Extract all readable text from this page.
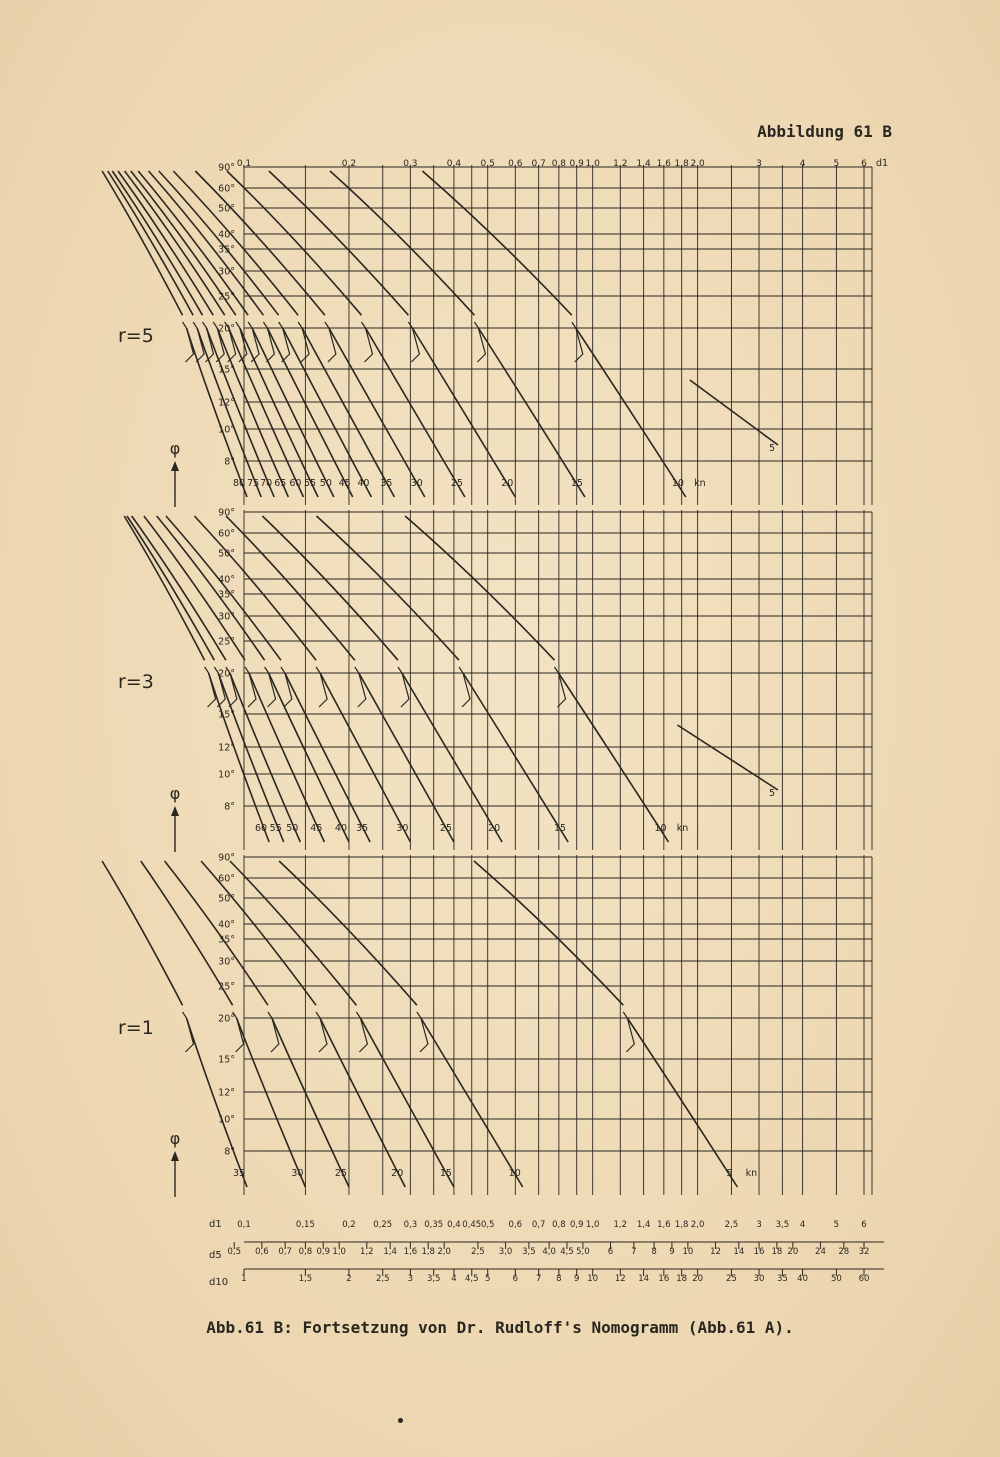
Abbildung 61 B
r=5
r=3
r=1
90°
60°
50°
40°
35°
30°
25°
20°
15°
12°
10°
8°
φ
80 75 70 65 60 55 50 45 40 35 30	25	20	15	10 kn
5
90°
60°
50°
40°
35°
30°
25°
20°
15°
12°
10°
8°
φ
60 55 50 45 40 35	30	25	20	15	10 kn
5
90°
60°
50°
40°
35°
30°
25°
20°
15°
12°
10°
8°
φ
35	30	25	20	15	10	5 kn
0,1	0,2	0,3	0,4 0,5 0,6 0,7 0,8 0,9 1,0 1,2 1,4 1,6 1,8 2,0	3	4	5 6 d1
d1 0,1	0,15	0,2 0,25 0,3 0,35 0,4 0,45 0,5 0,6 0,7 0,8 0,9 1,0 1,2 1,4 1,6 1,8 2,0 2,5 3 3,5 4	5	6
d5 0,5 0,6 0,7 0,8 0,9 1,0 1,2 1,4 1,6 1,8 2,0 2,5 3,0 3,5 4,0 4,5 5,0 6 7 8 9 10 12 14 16 18 20 24 28 32
d10 1	1,5	2	2,5 3 3,5 4 4,5 5	6 7 8 9 10 12 14 16 18 20	25 30 35 40	50 60
Abb.61 B: Fortsetzung von Dr. Rudloff's Nomogramm (Abb.61 A).
